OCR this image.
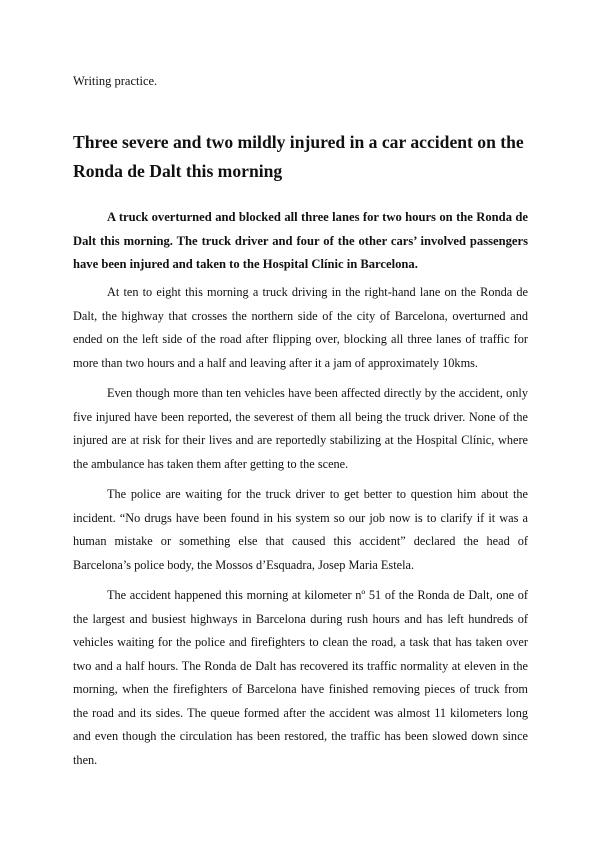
Writing practice.

Three severe and two mildly injured in a car accident on the Ronda de Dalt this morning

A truck overturned and blocked all three lanes for two hours on the Ronda de Dalt this morning. The truck driver and four of the other cars’ involved passengers have been injured and taken to the Hospital Clínic in Barcelona.

At ten to eight this morning a truck driving in the right-hand lane on the Ronda de Dalt, the highway that crosses the northern side of the city of Barcelona, overturned and ended on the left side of the road after flipping over, blocking all three lanes of traffic for more than two hours and a half and leaving after it a jam of approximately 10kms.

Even though more than ten vehicles have been affected directly by the accident, only five injured have been reported, the severest of them all being the truck driver. None of the injured are at risk for their lives and are reportedly stabilizing at the Hospital Clínic, where the ambulance has taken them after getting to the scene.

The police are waiting for the truck driver to get better to question him about the incident. “No drugs have been found in his system so our job now is to clarify if it was a human mistake or something else that caused this accident” declared the head of Barcelona’s police body, the Mossos d’Esquadra, Josep Maria Estela.

The accident happened this morning at kilometer nº 51 of the Ronda de Dalt, one of the largest and busiest highways in Barcelona during rush hours and has left hundreds of vehicles waiting for the police and firefighters to clean the road, a task that has taken over two and a half hours. The Ronda de Dalt has recovered its traffic normality at eleven in the morning, when the firefighters of Barcelona have finished removing pieces of truck from the road and its sides. The queue formed after the accident was almost 11 kilometers long and even though the circulation has been restored, the traffic has been slowed down since then.
